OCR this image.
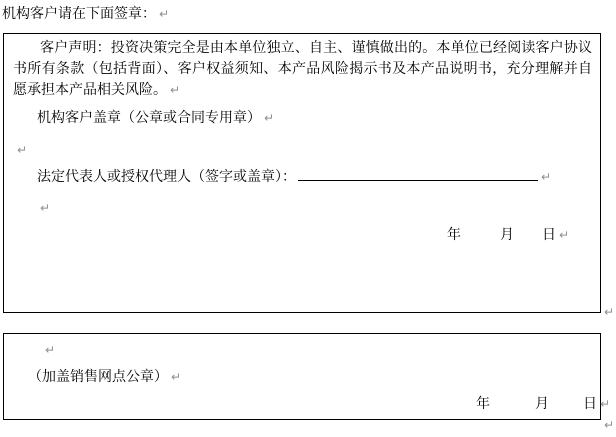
机构客户请在下面签章： ↵
客户声明：投资决策完全是由本单位独立、自主、谨慎做出的。本单位已经阅读客户协议
书所有条款（包括背面）、客户权益须知、本产品风险揭示书及本产品说明书，充分理解并自
愿承担本产品相关风险。 ↵
机构客户盖章（公章或合同专用章） ↵
↵
法定代表人或授权代理人（签字或盖章）：	↵
↵
年	月 日 ↵
↵
↵
（加盖销售网点公章） ↵
年	月 日 ↵
↵
